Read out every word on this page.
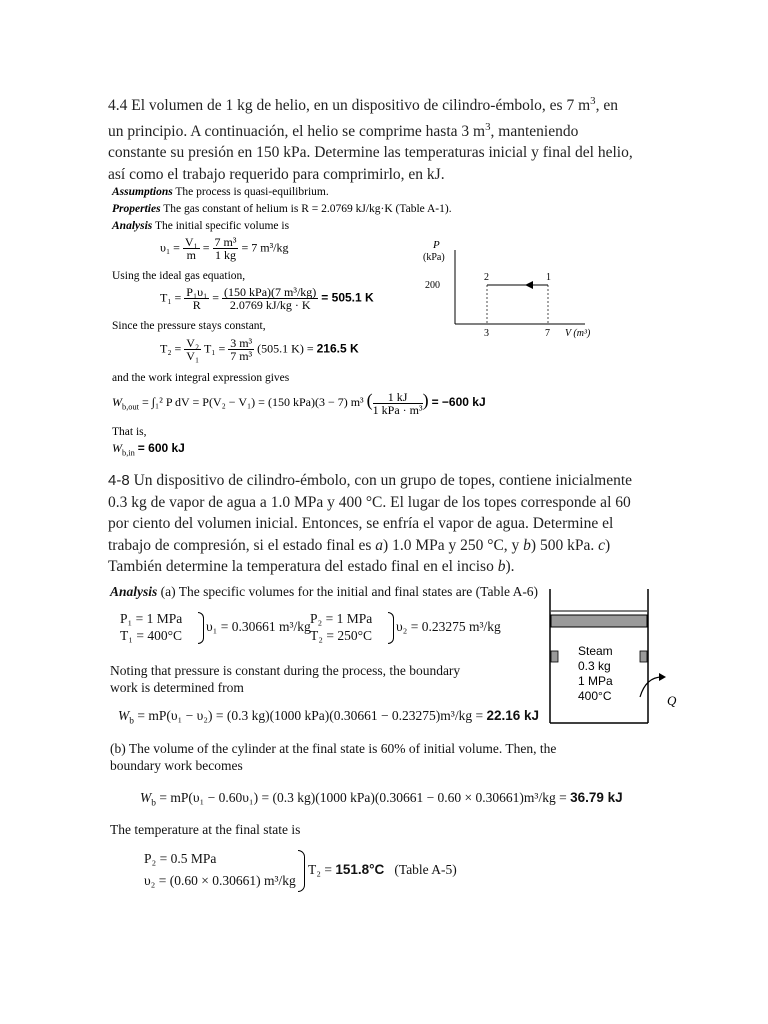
4.4 El volumen de 1 kg de helio, en un dispositivo de cilindro-émbolo, es 7 $m^3$, en
un principio. A continuación, el helio se comprime hasta 3 $m^3$, manteniendo
constante su presión en 150 kPa. Determine las temperaturas inicial y final del helio,
así como el trabajo requerido para comprimirlo, en kJ.
Assumptions The process is quasi-equilibrium.
Properties The gas constant of helium is R = 2.0769 kJ/kg·K (Table A-1).
Analysis The initial specific volume is
$\upsilon_1 = \frac{\text{V₁}}{m} = \frac{\text{7 m³}}{1 kg} = 7$ m³/kg
Using the ideal gas equation,
$T_1 = \frac{\text{P₁υ₁}}{R} = \frac{\text{(150 kPa)(7 m³/kg)}}{2.0769 kJ/kg \cdot K} = 505.1$ K
Since the pressure stays constant,
$T_2 = \frac{\text{V₂}}{\text{V₁}} T_1 = \frac{\text{3 m³}}{\text{7 m³}} (505.1$ K) = 216.5 K
and the work integral expression gives
$W_{b,out} = \int_1^2$ P dV = P(V₂ − V₁) = (150 kPa)(3 − 7) m³ ( $\frac{1 kJ}{\text{1 kPa · m³}}$ ) = −600 kJ
That is,
$W_{b,in} = 600$ kJ
P
(kPa)
200
2	1
3	7 V (m³)
4-8 Un dispositivo de cilindro-émbolo, con un grupo de topes, contiene inicialmente
0.3 kg de vapor de agua a 1.0 MPa y 400 °C. El lugar de los topes corresponde al 60
por ciento del volumen inicial. Entonces, se enfría el vapor de agua. Determine el
trabajo de compresión, si el estado final es a) 1.0 MPa y 250 °C, y b) 500 kPa. c)
También determine la temperatura del estado final en el inciso b).
Analysis (a) The specific volumes for the initial and final states are (Table A-6)
P₁ = 1 MPa
T₁ = 400°C
υ₁ = 0.30661 m³/kg
P₂ = 1 MPa
T₂ = 250°C
υ₂ = 0.23275 m³/kg
Noting that pressure is constant during the process, the boundary
work is determined from
$W_b = mP(\upsilon_1 - \upsilon_2) = (0.3$ kg)(1000 kPa)(0.30661 − 0.23275)m³/kg = 22.16 kJ
(b) The volume of the cylinder at the final state is 60% of initial volume. Then, the
boundary work becomes
$W_b = mP(\upsilon_1 - 0.60\upsilon_1) = (0.3$ kg)(1000 kPa)(0.30661 − 0.60 × 0.30661)m³/kg = 36.79 kJ
The temperature at the final state is
P₂ = 0.5 MPa
υ₂ = (0.60 × 0.30661) m³/kg
T₂ = 151.8°C (Table A-5)
Steam
0.3 kg
1 MPa
400°C	Q
